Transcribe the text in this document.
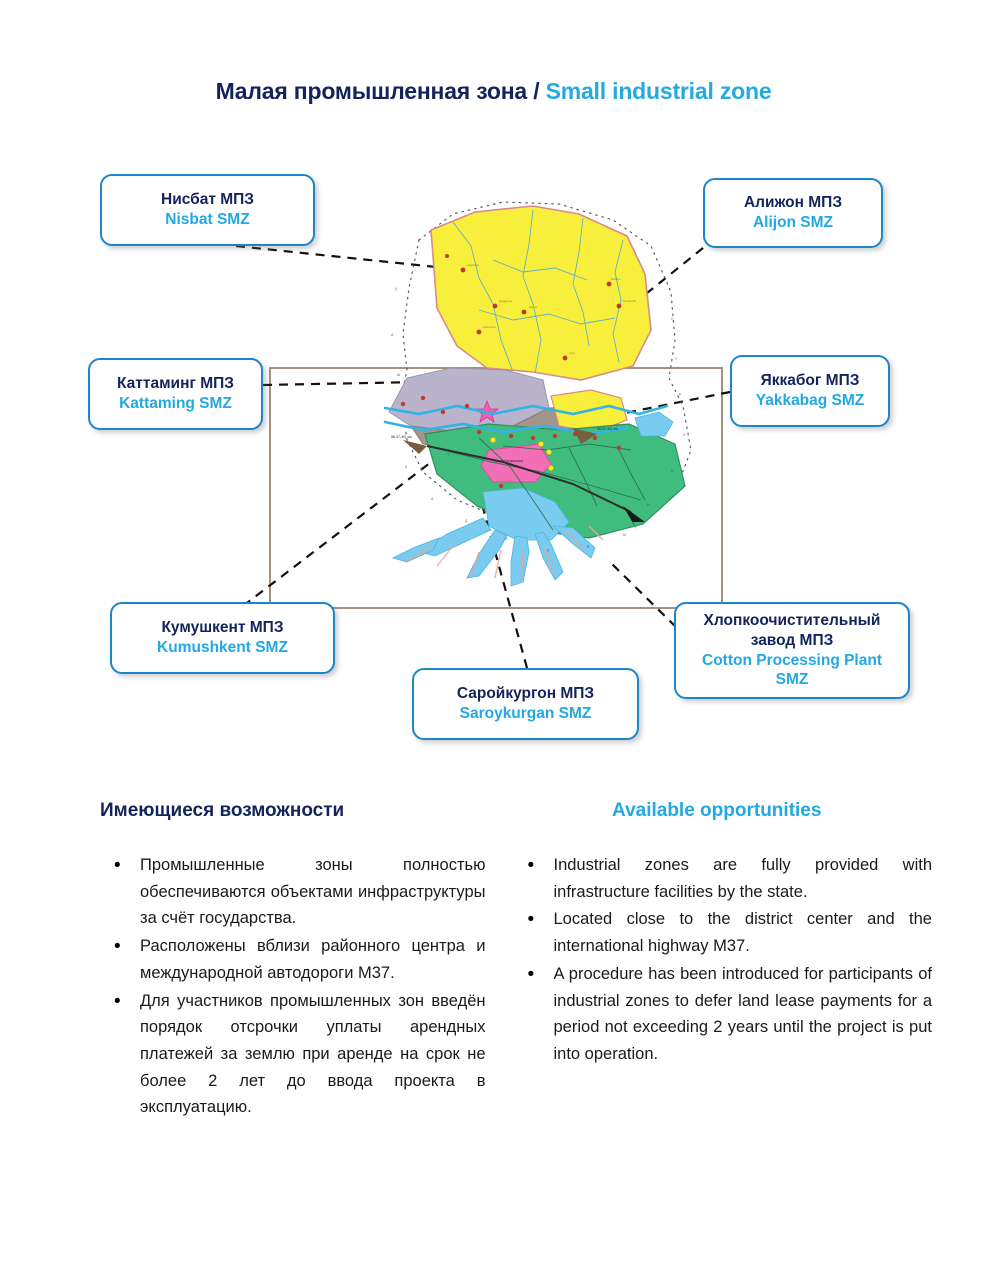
Малая промышленная зона / Small industrial zone
Шеробод
Қумқўрғон
Денов
Сариосиё
Бойсун
Олтинсой
Узун
Қоштепа қишлоғи
56:37-40) см
56:37-40) см
С
У
Р
Х
О
Н
Қ
А
Ш
Қ
А
Д
А
Р
Ё
М
Т
Нисбат МПЗ
Nisbat SMZ
Алижон МПЗ
Alijon SMZ
Каттаминг МПЗ
Kattaming SMZ
Яккабог МПЗ
Yakkabag SMZ
Кумушкент МПЗ
Kumushkent SMZ
Хлопкоочистительный завод МПЗ
Cotton Processing Plant SMZ
Саройкургон МПЗ
Saroykurgan SMZ
Имеющиеся возможности
• Промышленные зоны полностью обеспечиваются объектами инфраструктуры за счёт государства.
• Расположены вблизи районного центра и международной автодороги М37.
• Для участников промышленных зон введён порядок отсрочки уплаты арендных платежей за землю при аренде на срок не более 2 лет до ввода проекта в эксплуатацию.
Available opportunities
• Industrial zones are fully provided with infrastructure facilities by the state.
• Located close to the district center and the international highway M37.
• A procedure has been introduced for participants of industrial zones to defer land lease payments for a period not exceeding 2 years until the project is put into operation.
